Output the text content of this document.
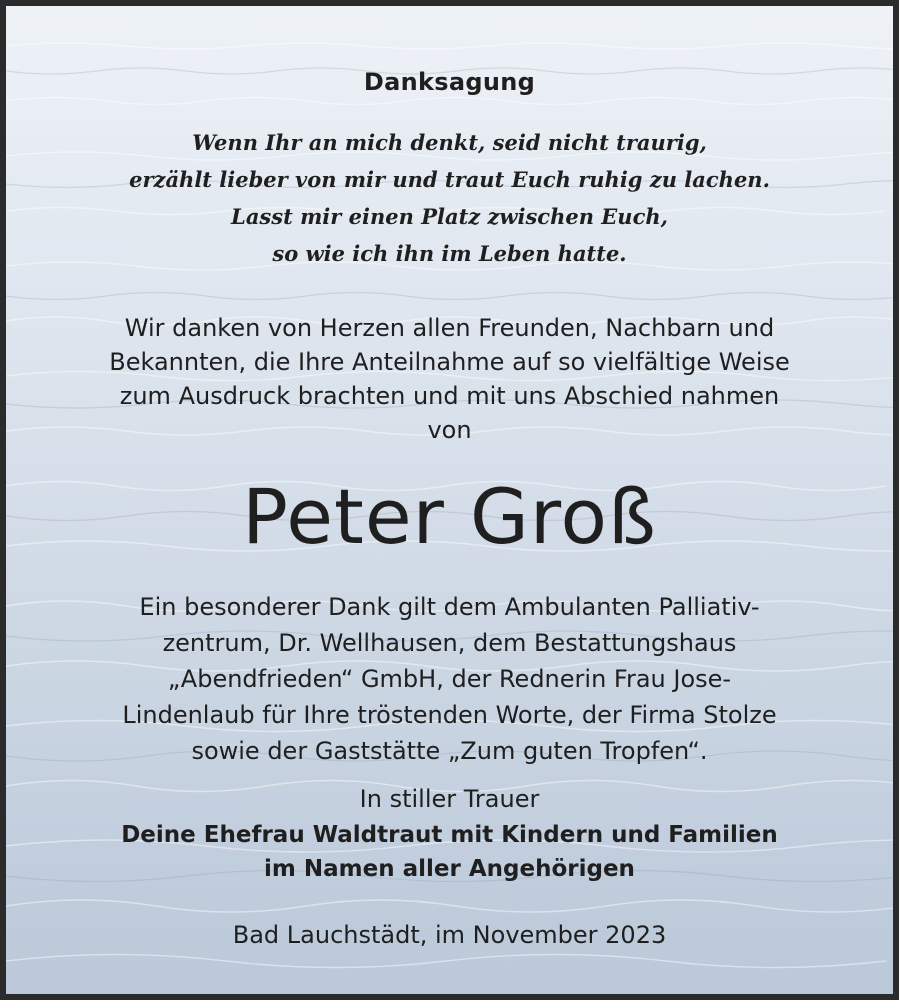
Danksagung
Wenn Ihr an mich denkt, seid nicht traurig,
erzählt lieber von mir und traut Euch ruhig zu lachen.
Lasst mir einen Platz zwischen Euch,
so wie ich ihn im Leben hatte.
Wir danken von Herzen allen Freunden, Nachbarn und
Bekannten, die Ihre Anteilnahme auf so vielfältige Weise
zum Ausdruck brachten und mit uns Abschied nahmen
von
Peter Groß
Ein besonderer Dank gilt dem Ambulanten Palliativ-
zentrum, Dr. Wellhausen, dem Bestattungshaus
„Abendfrieden“ GmbH, der Rednerin Frau Jose-
Lindenlaub für Ihre tröstenden Worte, der Firma Stolze
sowie der Gaststätte „Zum guten Tropfen“.
In stiller Trauer
Deine Ehefrau Waldtraut mit Kindern und Familien
im Namen aller Angehörigen
Bad Lauchstädt, im November 2023
